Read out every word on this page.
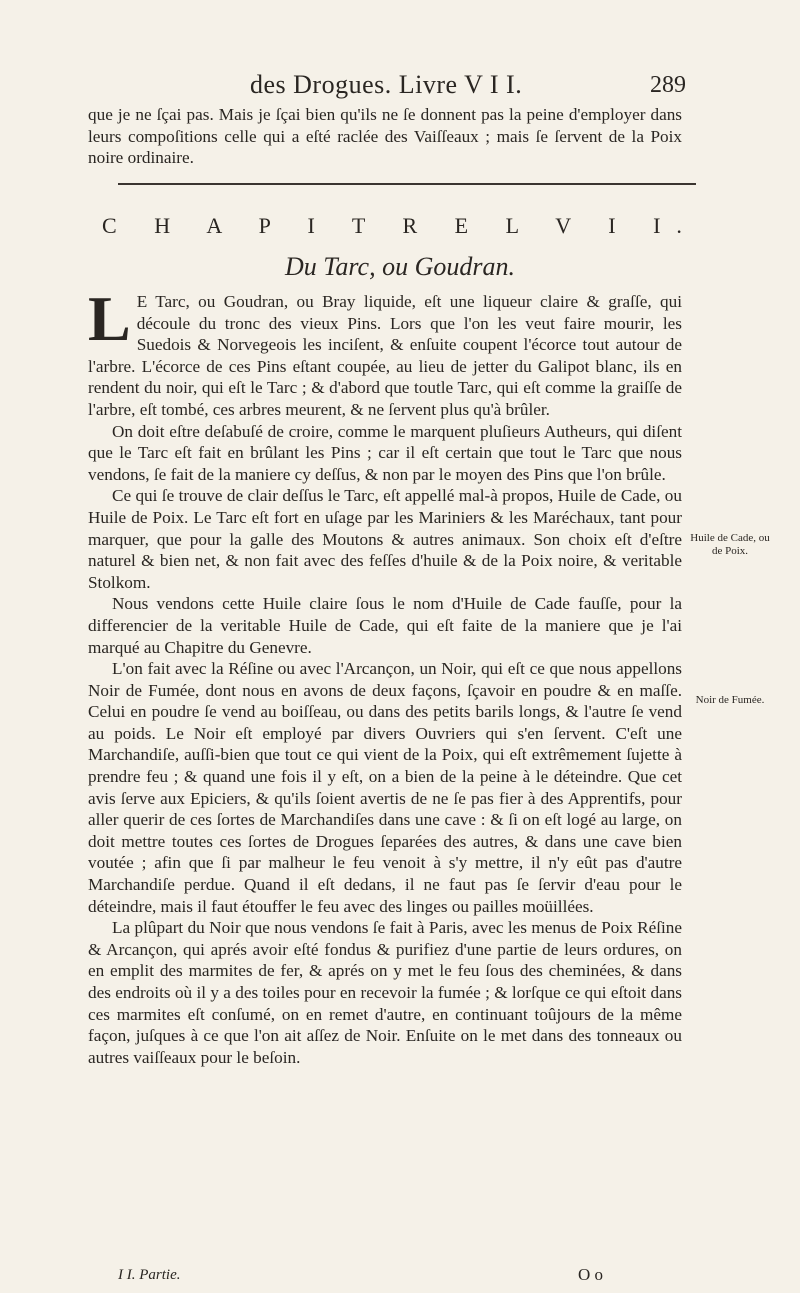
des Drogues. Livre V I I.	289
que je ne ſçai pas. Mais je ſçai bien qu'ils ne ſe donnent pas la peine d'employer dans leurs compoſitions celle qui a eſté raclée des Vaiſſeaux ; mais ſe ſervent de la Poix noire ordinaire.
C H A P I T R E L V I I.
Du Tarc, ou Goudran.

L E Tarc, ou Goudran, ou Bray liquide, eſt une liqueur claire & graſſe, qui découle du tronc des vieux Pins. Lors que l'on les veut faire mourir, les Suedois & Norvegeois les inciſent, & enſuite coupent l'écorce tout autour de l'arbre. L'écorce de ces Pins eſtant coupée, au lieu de jetter du Galipot blanc, ils en rendent du noir, qui eſt le Tarc ; & d'abord que toutle Tarc, qui eſt comme la graiſſe de l'arbre, eſt tombé, ces arbres meurent, & ne ſervent plus qu'à brûler.

On doit eſtre deſabuſé de croire, comme le marquent pluſieurs Autheurs, qui diſent que le Tarc eſt fait en brûlant les Pins ; car il eſt certain que tout le Tarc que nous vendons, ſe fait de la maniere cy deſſus, & non par le moyen des Pins que l'on brûle.

Ce qui ſe trouve de clair deſſus le Tarc, eſt appellé mal-à propos, Huile de Cade, ou Huile de Poix. Le Tarc eſt fort en uſage par les Mariniers & les Maréchaux, tant pour marquer, que pour la galle des Moutons & autres animaux. Son choix eſt d'eſtre naturel & bien net, & non fait avec des feſſes d'huile & de la Poix noire, & veritable Stolkom.

Nous vendons cette Huile claire ſous le nom d'Huile de Cade fauſſe, pour la differencier de la veritable Huile de Cade, qui eſt faite de la maniere que je l'ai marqué au Chapitre du Genevre.

L'on fait avec la Réſine ou avec l'Arcançon, un Noir, qui eſt ce que nous appellons Noir de Fumée, dont nous en avons de deux façons, ſçavoir en poudre & en maſſe. Celui en poudre ſe vend au boiſſeau, ou dans des petits barils longs, & l'autre ſe vend au poids. Le Noir eſt employé par divers Ouvriers qui s'en ſervent. C'eſt une Marchandiſe, auſſi-bien que tout ce qui vient de la Poix, qui eſt extrêmement ſujette à prendre feu ; & quand une fois il y eſt, on a bien de la peine à le déteindre. Que cet avis ſerve aux Epiciers, & qu'ils ſoient avertis de ne ſe pas fier à des Apprentifs, pour aller querir de ces ſortes de Marchandiſes dans une cave : & ſi on eſt logé au large, on doit mettre toutes ces ſortes de Drogues ſeparées des autres, & dans une cave bien voutée ; afin que ſi par malheur le feu venoit à s'y mettre, il n'y eût pas d'autre Marchandiſe perdue. Quand il eſt dedans, il ne faut pas ſe ſervir d'eau pour le déteindre, mais il faut étouffer le feu avec des linges ou pailles moüillées.

La plûpart du Noir que nous vendons ſe fait à Paris, avec les menus de Poix Réſine & Arcançon, qui aprés avoir eſté fondus & purifiez d'une partie de leurs ordures, on en emplit des marmites de fer, & aprés on y met le feu ſous des cheminées, & dans des endroits où il y a des toiles pour en recevoir la fumée ; & lorſque ce qui eſtoit dans ces marmites eſt conſumé, on en remet d'autre, en continuant toûjours de la même façon, juſques à ce que l'on ait aſſez de Noir. Enſuite on le met dans des tonneaux ou autres vaiſſeaux pour le beſoin.

Huile de Cade, ou de Poix.
Noir de Fumée.
I I. Partie.	O o
